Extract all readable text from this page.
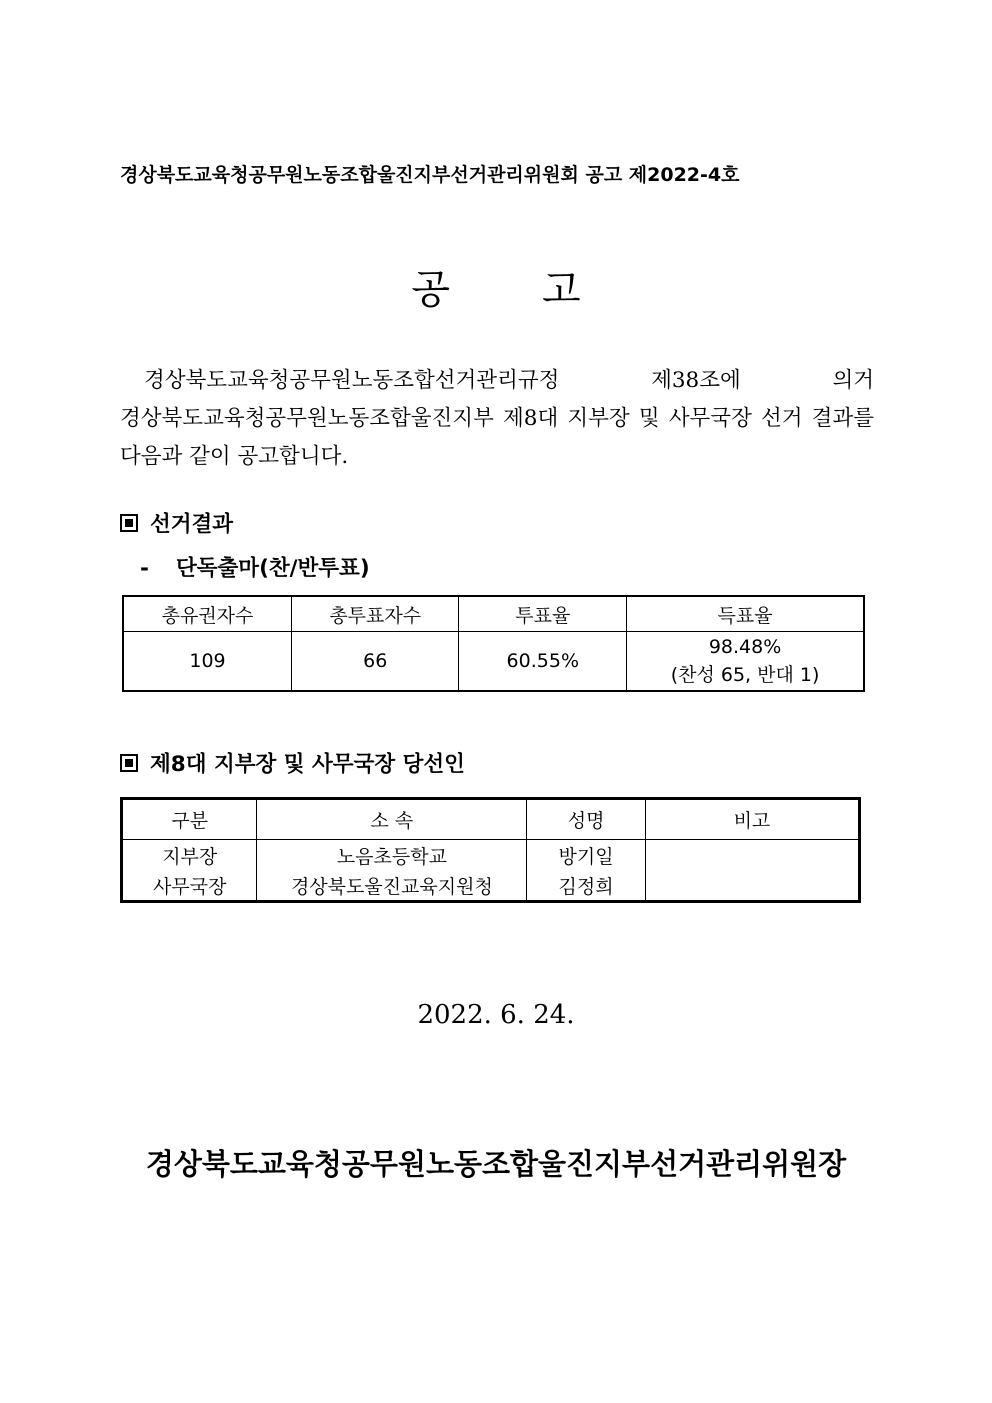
경상북도교육청공무원노동조합울진지부선거관리위원회 공고 제2022-4호
공 고
경상북도교육청공무원노동조합선거관리규정 제38조에 의거 경상북도교육청공무원노동조합울진지부 제8대 지부장 및 사무국장 선거 결과를 다음과 같이 공고합니다.
선거결과
- 단독출마(찬/반투표)
총유권자수	총투표자수	투표율	득표율
109	66	60.55%	98.48%
(찬성 65, 반대 1)
제8대 지부장 및 사무국장 당선인
구분	소 속	성명	비고
지부장	노음초등학교	방기일	
사무국장	경상북도울진교육지원청	김정희	
2022. 6. 24.
경상북도교육청공무원노동조합울진지부선거관리위원장
